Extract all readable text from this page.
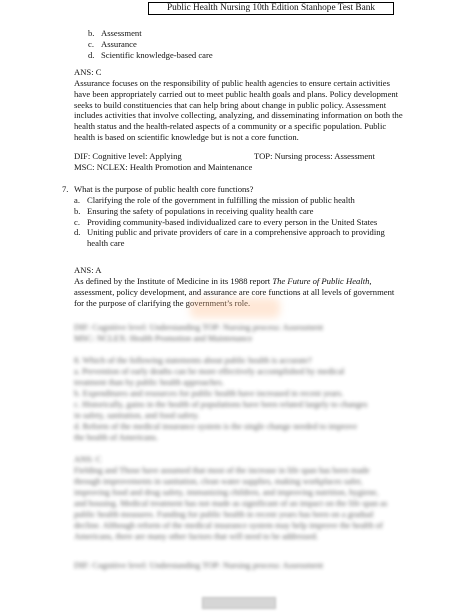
Public Health Nursing 10th Edition Stanhope Test Bank
b. Assessment
c. Assurance
d. Scientific knowledge-based care
ANS: C

Assurance focuses on the responsibility of public health agencies to ensure certain activities have been appropriately carried out to meet public health goals and plans. Policy development seeks to build constituencies that can help bring about change in public policy. Assessment includes activities that involve collecting, analyzing, and disseminating information on both the health status and the health-related aspects of a community or a specific population. Public health is based on scientific knowledge but is not a core function.

DIF: Cognitive level: Applying	TOP: Nursing process: Assessment
MSC: NCLEX: Health Promotion and Maintenance
7. What is the purpose of public health core functions?
a. Clarifying the role of the government in fulfilling the mission of public health
b. Ensuring the safety of populations in receiving quality health care
c. Providing community-based individualized care to every person in the United States
d. Uniting public and private providers of care in a comprehensive approach to providing health care
ANS: A

As defined by the Institute of Medicine in its 1988 report The Future of Public Health, assessment, policy development, and assurance are core functions at all levels of government for the purpose of clarifying the government’s role.

DIF: Cognitive level: Understanding TOP: Nursing process: Assessment
MSC: NCLEX: Health Promotion and Maintenance
8. Which of the following statements about public health is accurate?
a. Prevention of early deaths can be more effectively accomplished by medical
treatment than by public health approaches.
b. Expenditures and resources for public health have increased in recent years.
c. Historically, gains in the health of populations have been related largely to changes
in safety, sanitation, and food safety.
d. Reform of the medical insurance system is the single change needed to improve
the health of Americans.
ANS: C
Fielding and Those have assumed that most of the increase in life span has been made
through improvements in sanitation, clean water supplies, making workplaces safer,
improving food and drug safety, immunizing children, and improving nutrition, hygiene,
and housing. Medical treatment has not made as significant of an impact on the life span as
public health measures. Funding for public health in recent years has been on a gradual
decline. Although reform of the medical insurance system may help improve the health of
Americans, there are many other factors that will need to be addressed.
DIF: Cognitive level: Understanding TOP: Nursing process: Assessment
